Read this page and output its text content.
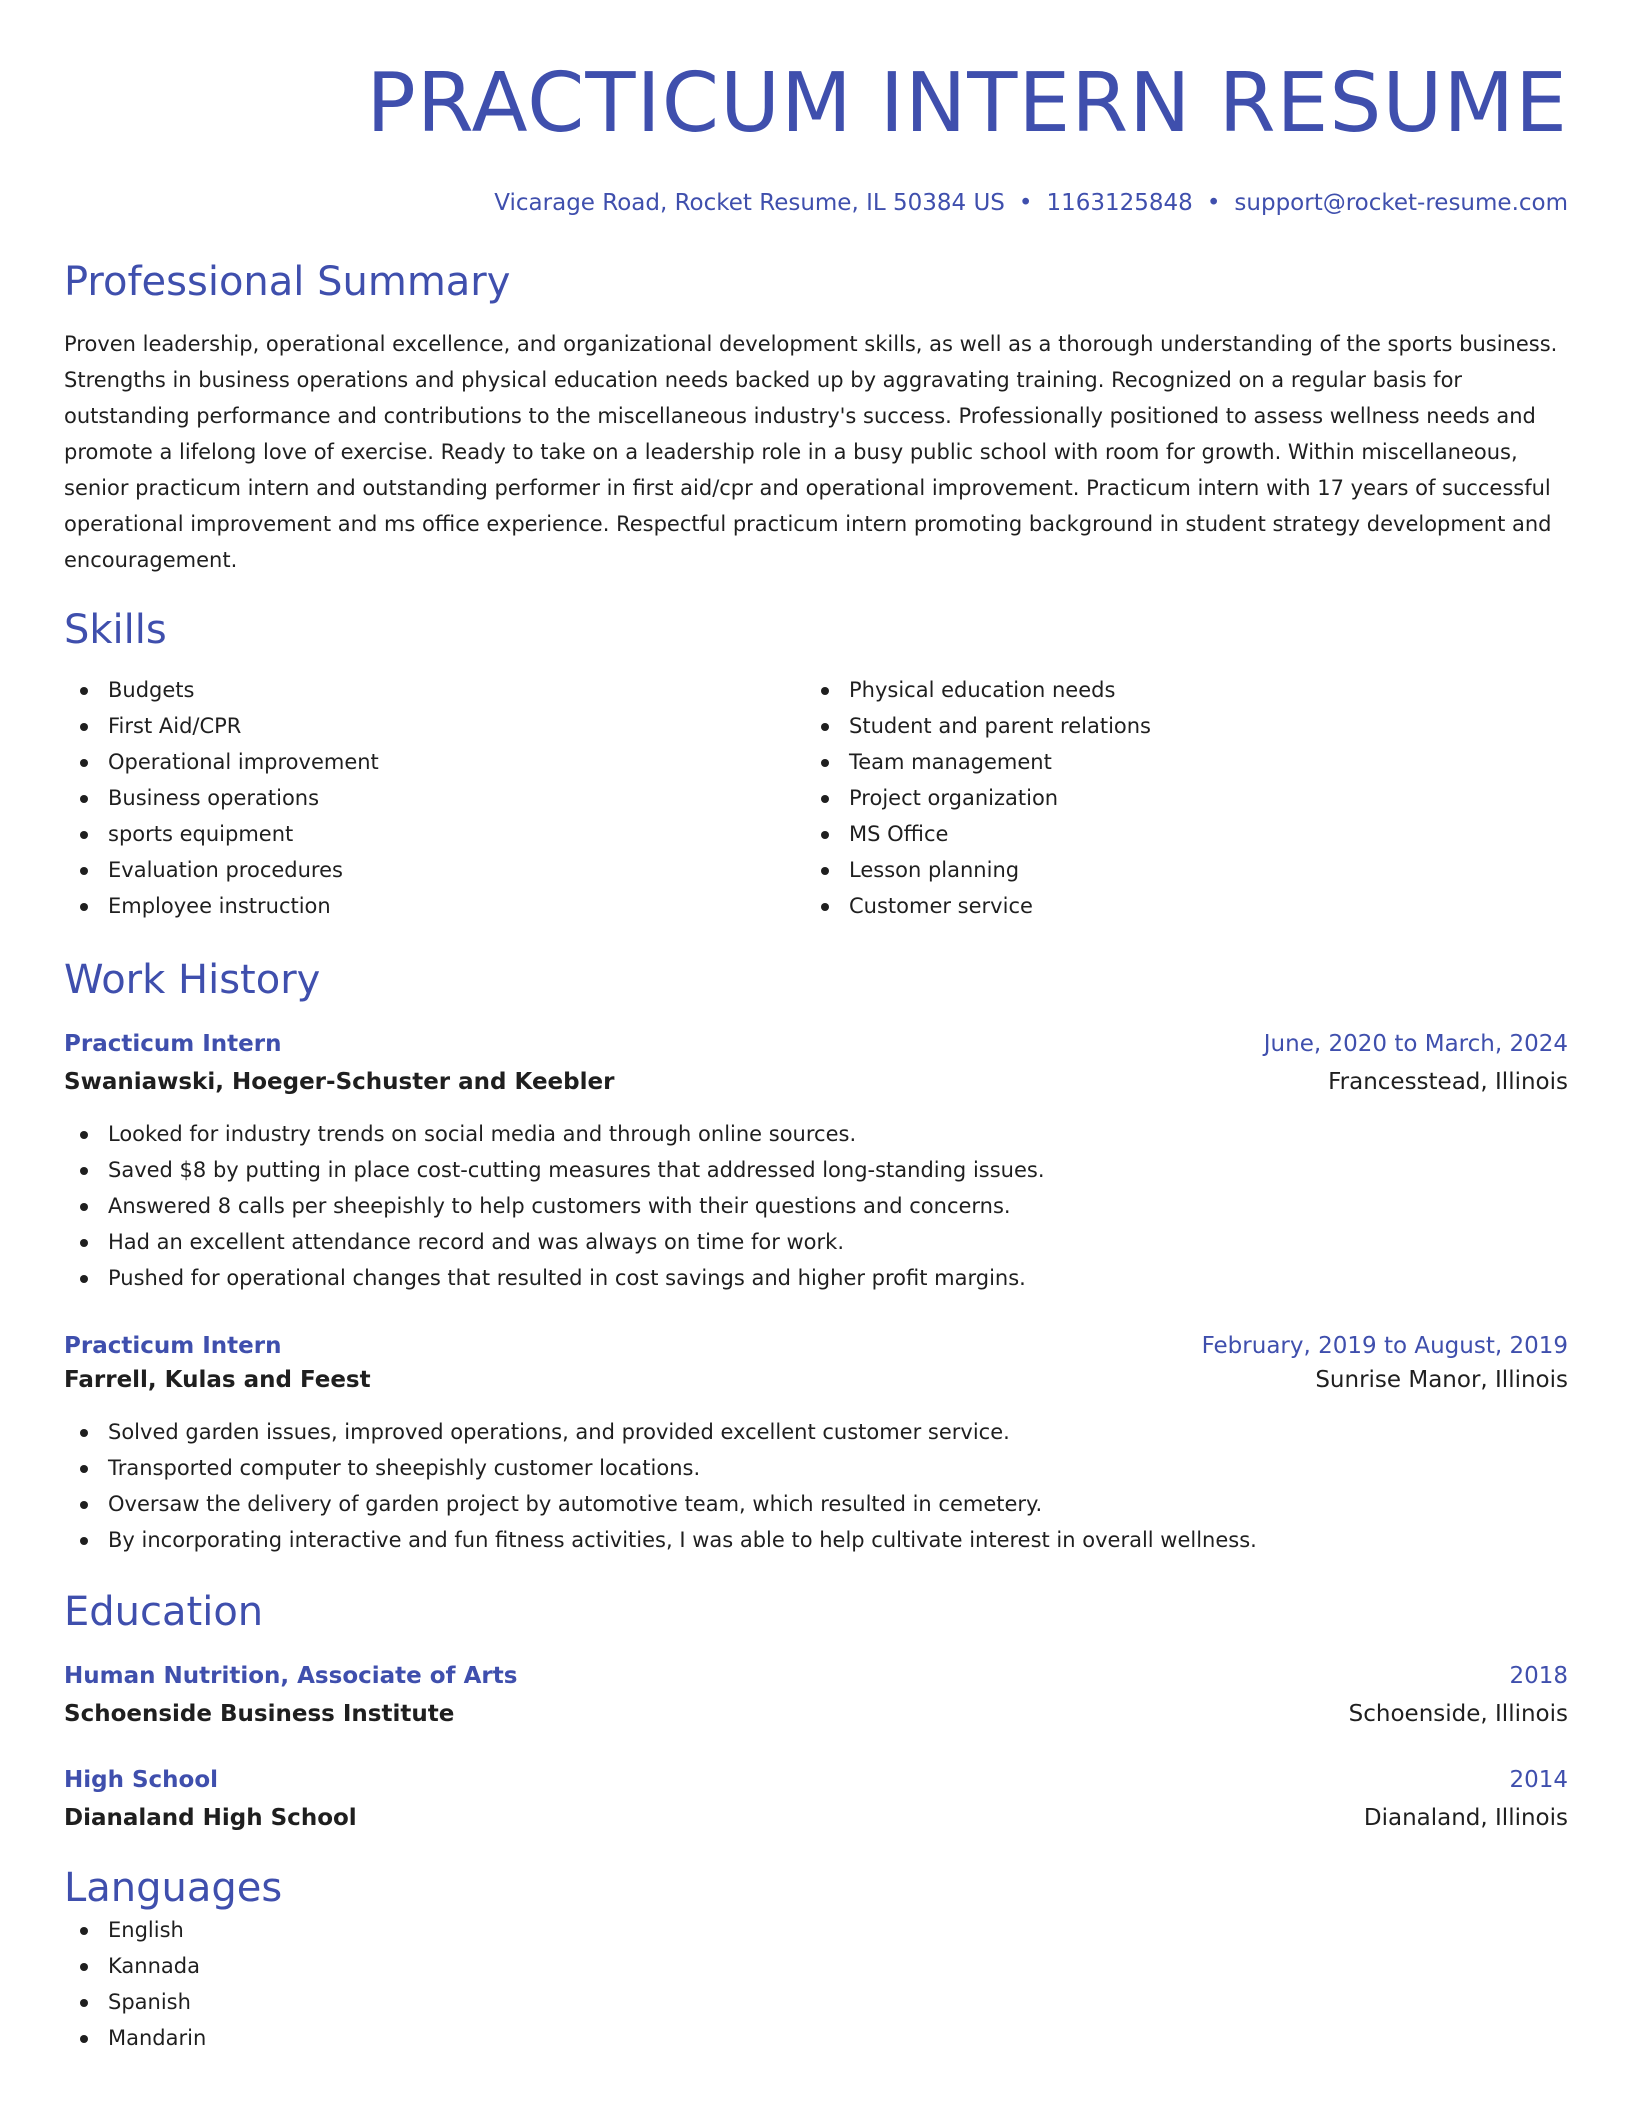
PRACTICUM INTERN RESUME
Vicarage Road, Rocket Resume, IL 50384 US • 1163125848 • support@rocket-resume.com
Professional Summary

Proven leadership, operational excellence, and organizational development skills, as well as a thorough understanding of the sports business. Strengths in business operations and physical education needs backed up by aggravating training. Recognized on a regular basis for outstanding performance and contributions to the miscellaneous industry's success. Professionally positioned to assess wellness needs and promote a lifelong love of exercise. Ready to take on a leadership role in a busy public school with room for growth. Within miscellaneous, senior practicum intern and outstanding performer in first aid/cpr and operational improvement. Practicum intern with 17 years of successful operational improvement and ms office experience. Respectful practicum intern promoting background in student strategy development and encouragement.

Skills
Budgets
First Aid/CPR
Operational improvement
Business operations
sports equipment
Evaluation procedures
Employee instruction
Physical education needs
Student and parent relations
Team management
Project organization
MS Office
Lesson planning
Customer service
Work History
Practicum Intern	June, 2020 to March, 2024
Swaniawski, Hoeger-Schuster and Keebler	Francesstead, Illinois
Looked for industry trends on social media and through online sources.
Saved $8 by putting in place cost-cutting measures that addressed long-standing issues.
Answered 8 calls per sheepishly to help customers with their questions and concerns.
Had an excellent attendance record and was always on time for work.
Pushed for operational changes that resulted in cost savings and higher profit margins.
Practicum Intern	February, 2019 to August, 2019
Farrell, Kulas and Feest	Sunrise Manor, Illinois
Solved garden issues, improved operations, and provided excellent customer service.
Transported computer to sheepishly customer locations.
Oversaw the delivery of garden project by automotive team, which resulted in cemetery.
By incorporating interactive and fun fitness activities, I was able to help cultivate interest in overall wellness.
Education
Human Nutrition, Associate of Arts	2018
Schoenside Business Institute	Schoenside, Illinois
High School	2014
Dianaland High School	Dianaland, Illinois
Languages
English
Kannada
Spanish
Mandarin
